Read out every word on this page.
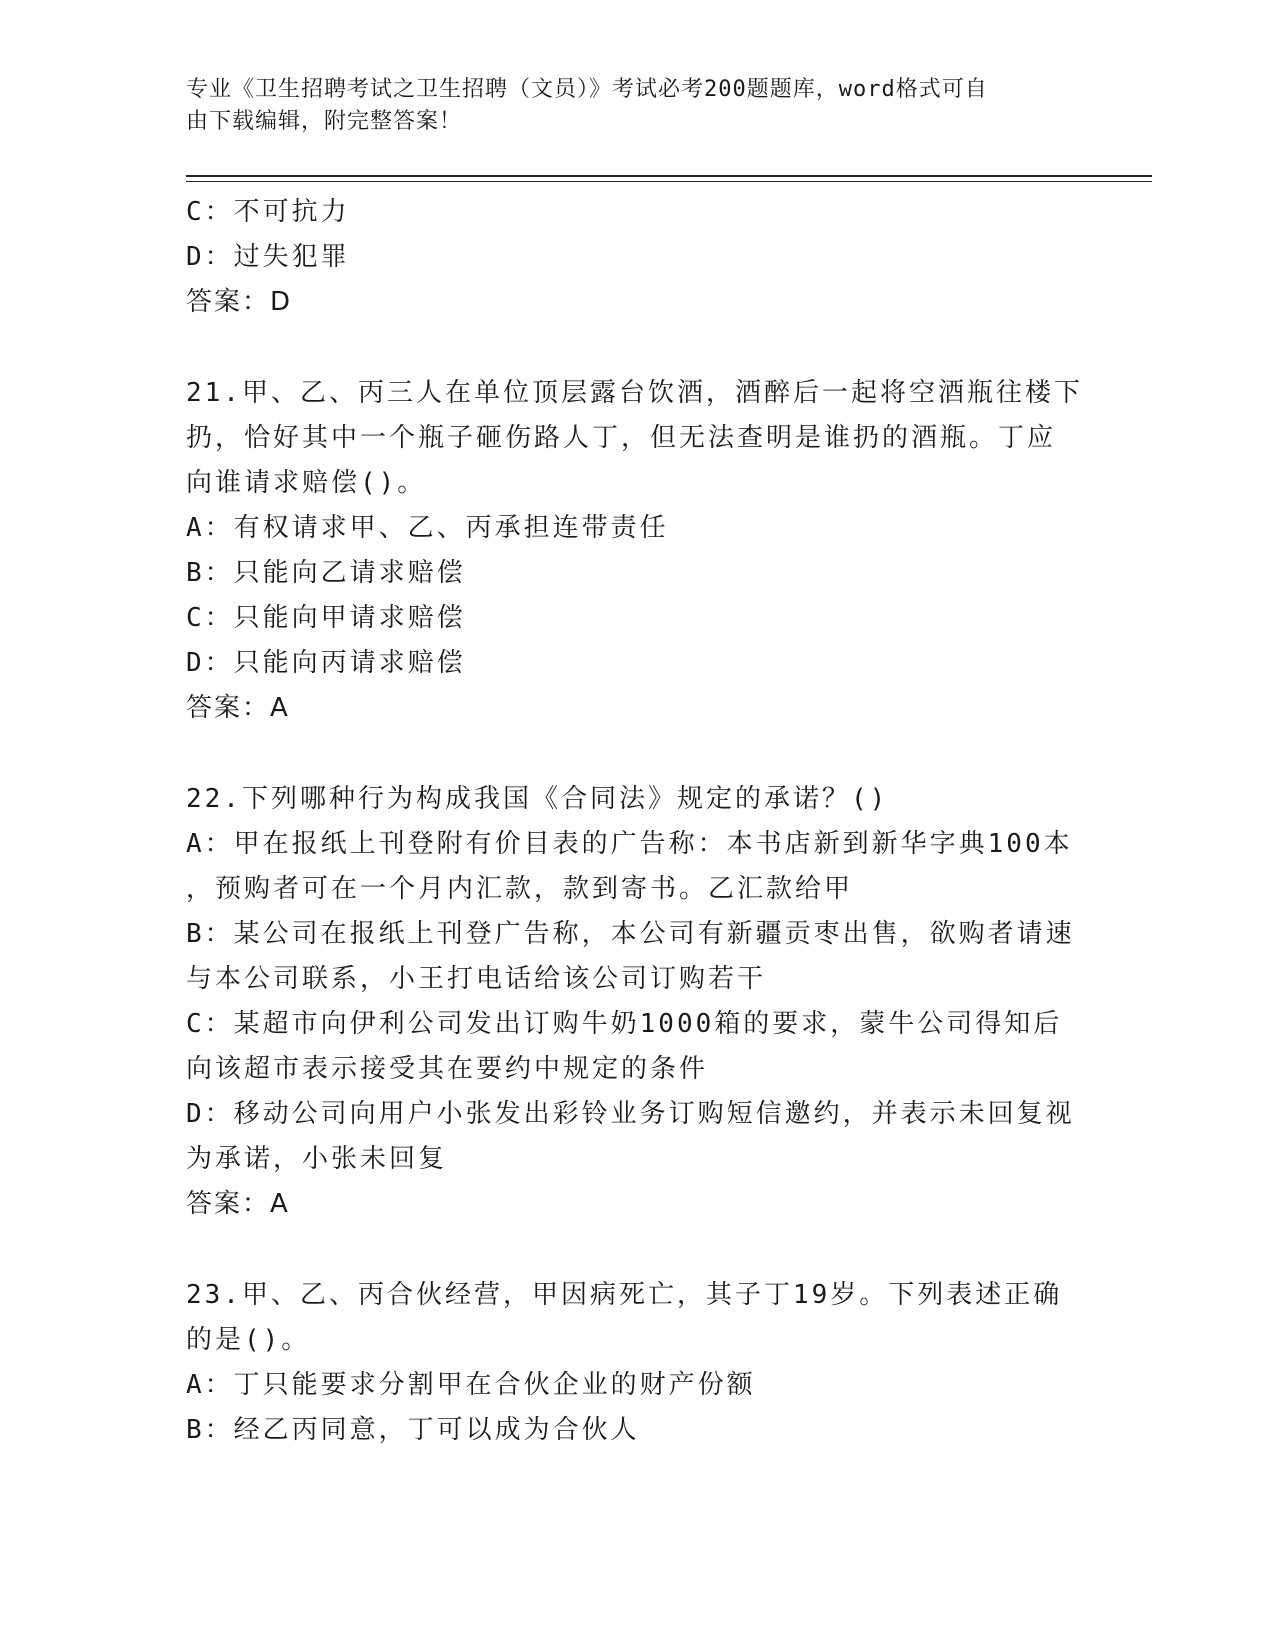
专业《卫生招聘考试之卫生招聘（文员）》考试必考200题题库，word格式可自
由下载编辑，附完整答案！
C：不可抗力
D：过失犯罪
答案：D
21.甲、乙、丙三人在单位顶层露台饮酒，酒醉后一起将空酒瓶往楼下
扔，恰好其中一个瓶子砸伤路人丁，但无法查明是谁扔的酒瓶。丁应
向谁请求赔偿()。
A：有权请求甲、乙、丙承担连带责任
B：只能向乙请求赔偿
C：只能向甲请求赔偿
D：只能向丙请求赔偿
答案：A
22.下列哪种行为构成我国《合同法》规定的承诺？()
A：甲在报纸上刊登附有价目表的广告称：本书店新到新华字典100本
，预购者可在一个月内汇款，款到寄书。乙汇款给甲
B：某公司在报纸上刊登广告称，本公司有新疆贡枣出售，欲购者请速
与本公司联系，小王打电话给该公司订购若干
C：某超市向伊利公司发出订购牛奶1000箱的要求，蒙牛公司得知后
向该超市表示接受其在要约中规定的条件
D：移动公司向用户小张发出彩铃业务订购短信邀约，并表示未回复视
为承诺，小张未回复
答案：A
23.甲、乙、丙合伙经营，甲因病死亡，其子丁19岁。下列表述正确
的是()。
A：丁只能要求分割甲在合伙企业的财产份额
B：经乙丙同意，丁可以成为合伙人
